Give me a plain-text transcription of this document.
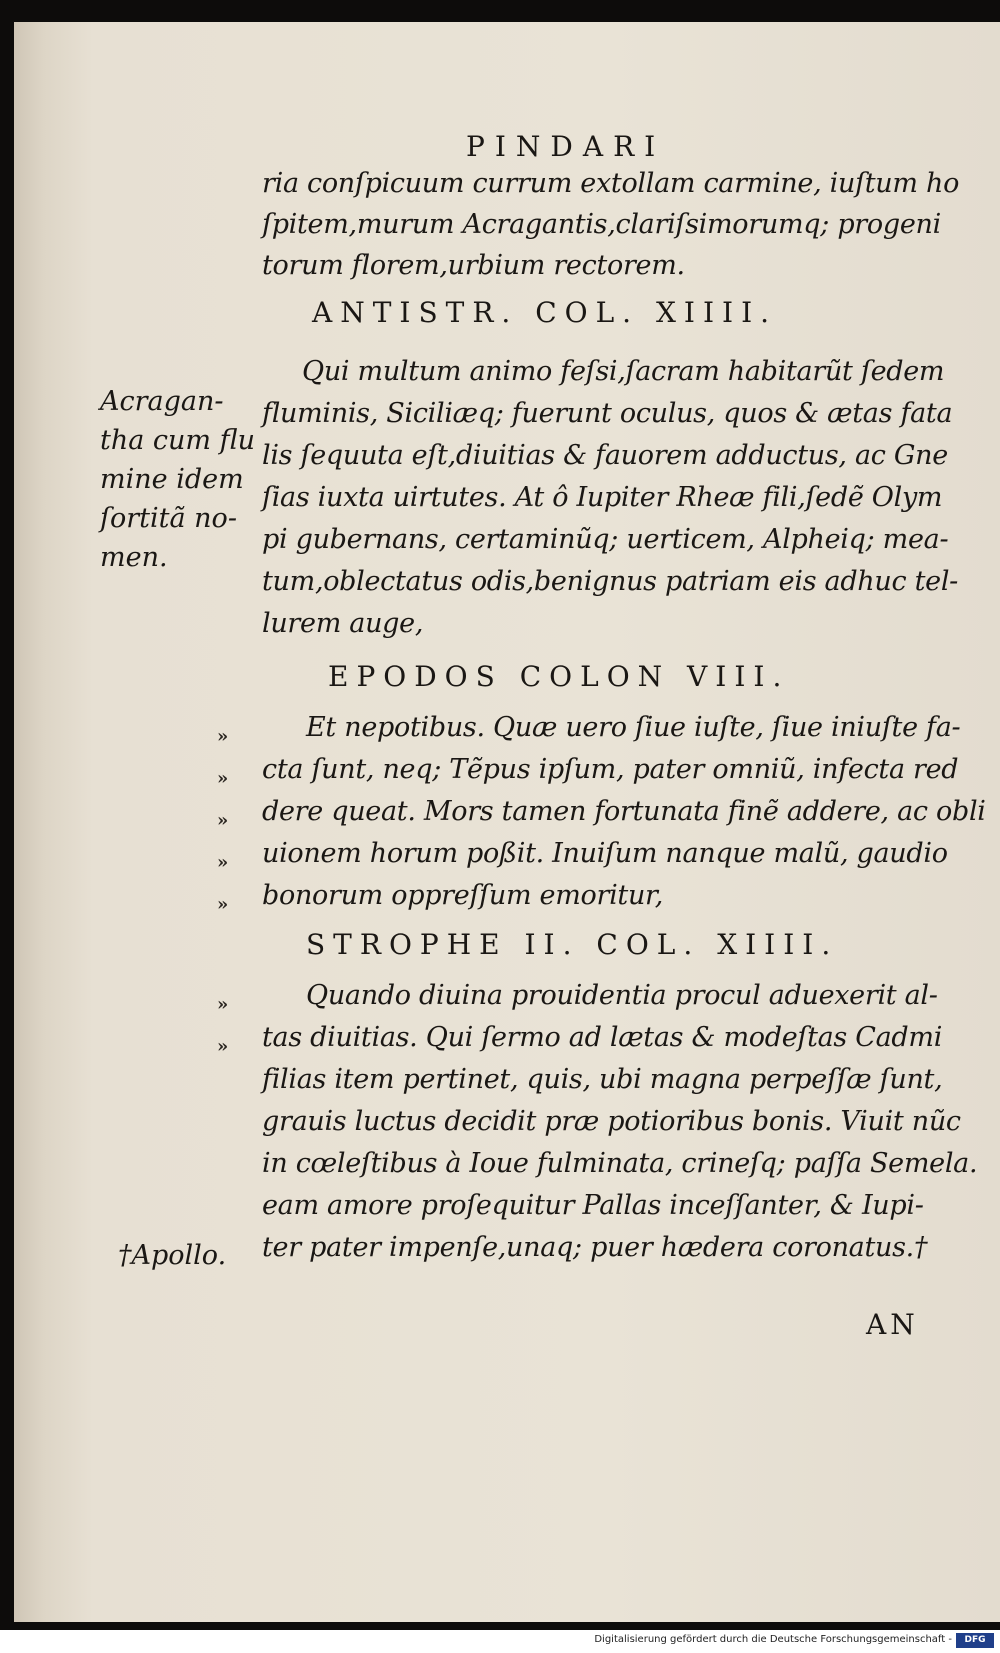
PINDARI
ria conſpicuum currum extollam carmine, iuſtum ho
ſpitem,murum Acragantis,clariſsimorumq; progeni
torum florem,urbium rectorem.
ANTISTR. COL. XIIII.
Qui multum animo feſsi,ſacram habitarũt ſedem
fluminis, Siciliæq; fuerunt oculus, quos & ætas fata
lis ſequuta eſt,diuitias & fauorem adductus, ac Gne
ſias iuxta uirtutes. At ô Iupiter Rheæ fili,ſedẽ Olym
pi gubernans, certaminũq; uerticem, Alpheiq; mea-
tum,oblectatus odis,benignus patriam eis adhuc tel-
lurem auge,
Acragan-
tha cum flu
mine idem
ſortitã no-
men.
EPODOS COLON VIII.
Et nepotibus. Quæ uero ſiue iuſte, ſiue iniuſte fa-
cta ſunt, neq; Tẽpus ipſum, pater omniũ, infecta red
dere queat. Mors tamen fortunata finẽ addere, ac obli
uionem horum poßit. Inuiſum nanque malũ, gaudio
bonorum oppreſſum emoritur,
»
»
»
»
»
STROPHE II. COL. XIIII.
Quando diuina prouidentia procul aduexerit al-
tas diuitias. Qui ſermo ad lætas & modeſtas Cadmi
filias item pertinet, quis, ubi magna perpeſſæ ſunt,
grauis luctus decidit præ potioribus bonis. Viuit nũc
in cœleſtibus à Ioue fulminata, crineſq; paſſa Semela.
eam amore proſequitur Pallas inceſſanter, & Iupi-
ter pater impenſe,unaq; puer hædera coronatus.†
»
»
†Apollo.
AN
Digitalisierung gefördert durch die Deutsche Forschungsgemeinschaft -	DFG
